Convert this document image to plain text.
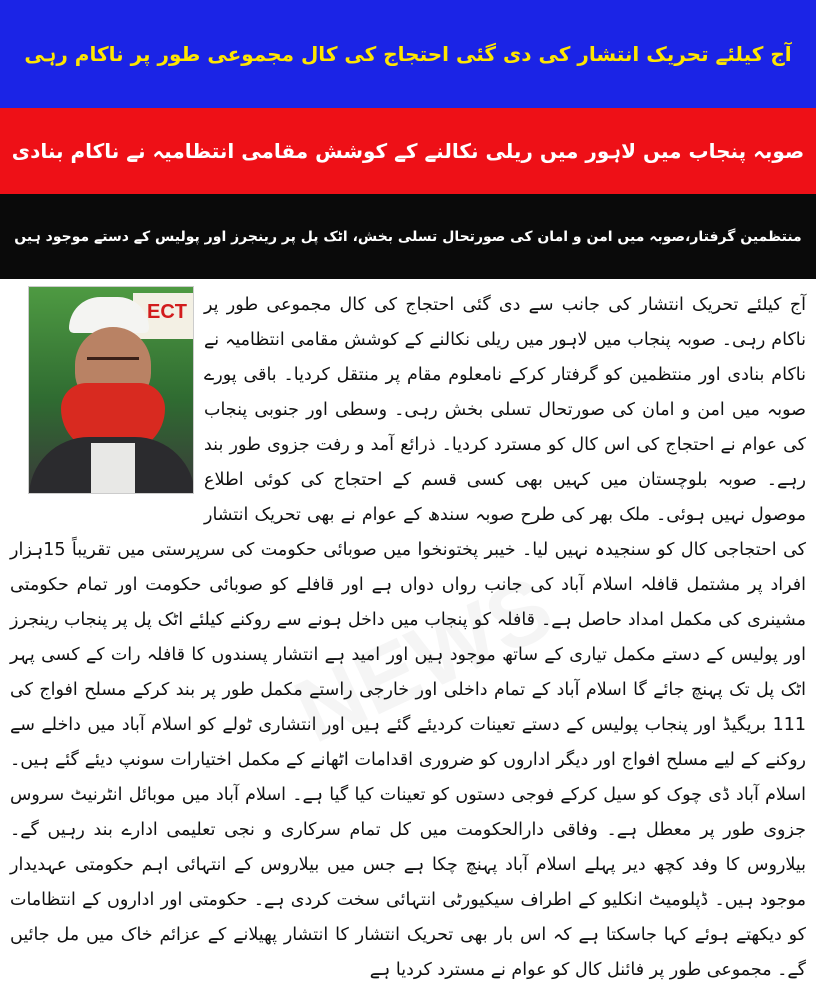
آج کیلئے تحریک انتشار کی دی گئی احتجاج کی کال مجموعی طور پر ناکام رہی
صوبہ پنجاب میں لاہور میں ریلی نکالنے کے کوشش مقامی انتظامیہ نے ناکام بنادی
منتظمین گرفتار،صوبہ میں امن و امان کی صورتحال تسلی بخش، اٹک پل پر رینجرز اور پولیس کے دستے موجود ہیں
ECT آج کیلئے تحریک انتشار کی جانب سے دی گئی احتجاج کی کال مجموعی طور پر ناکام رہی۔ صوبہ پنجاب میں لاہور میں ریلی نکالنے کے کوشش مقامی انتظامیہ نے ناکام بنادی اور منتظمین کو گرفتار کرکے نامعلوم مقام پر منتقل کردیا۔ باقی پورے صوبہ میں امن و امان کی صورتحال تسلی بخش رہی۔ وسطی اور جنوبی پنجاب کی عوام نے احتجاج کی اس کال کو مسترد کردیا۔ ذرائع آمد و رفت جزوی طور بند رہے۔ صوبہ بلوچستان میں کہیں بھی کسی قسم کے احتجاج کی کوئی اطلاع موصول نہیں ہوئی۔ ملک بھر کی طرح صوبہ سندھ کے عوام نے بھی تحریک انتشار کی احتجاجی کال کو سنجیدہ نہیں لیا۔ خیبر پختونخوا میں صوبائی حکومت کی سرپرستی میں تقریباً 15ہزار افراد پر مشتمل قافلہ اسلام آباد کی جانب رواں دواں ہے اور قافلے کو صوبائی حکومت اور تمام حکومتی مشینری کی مکمل امداد حاصل ہے۔ قافلہ کو پنجاب میں داخل ہونے سے روکنے کیلئے اٹک پل پر پنجاب رینجرز اور پولیس کے دستے مکمل تیاری کے ساتھ موجود ہیں اور امید ہے انتشار پسندوں کا قافلہ رات کے کسی پہر اٹک پل تک پہنچ جائے گا اسلام آباد کے تمام داخلی اور خارجی راستے مکمل طور پر بند کرکے مسلح افواج کی 111 بریگیڈ اور پنجاب پولیس کے دستے تعینات کردیئے گئے ہیں اور انتشاری ٹولے کو اسلام آباد میں داخلے سے روکنے کے لیے مسلح افواج اور دیگر اداروں کو ضروری اقدامات اٹھانے کے مکمل اختیارات سونپ دیئے گئے ہیں۔ اسلام آباد ڈی چوک کو سیل کرکے فوجی دستوں کو تعینات کیا گیا ہے۔ اسلام آباد میں موبائل انٹرنیٹ سروس جزوی طور پر معطل ہے۔ وفاقی دارالحکومت میں کل تمام سرکاری و نجی تعلیمی ادارے بند رہیں گے۔ بیلاروس کا وفد کچھ دیر پہلے اسلام آباد پہنچ چکا ہے جس میں بیلاروس کے انتہائی اہم حکومتی عہدیدار موجود ہیں۔ ڈپلومیٹ انکلیو کے اطراف سیکیورٹی انتہائی سخت کردی ہے۔ حکومتی اور اداروں کے انتظامات کو دیکھتے ہوئے کہا جاسکتا ہے کہ اس بار بھی تحریک انتشار کا انتشار پھیلانے کے عزائم خاک میں مل جائیں گے۔ مجموعی طور پر فائنل کال کو عوام نے مسترد کردیا ہے
